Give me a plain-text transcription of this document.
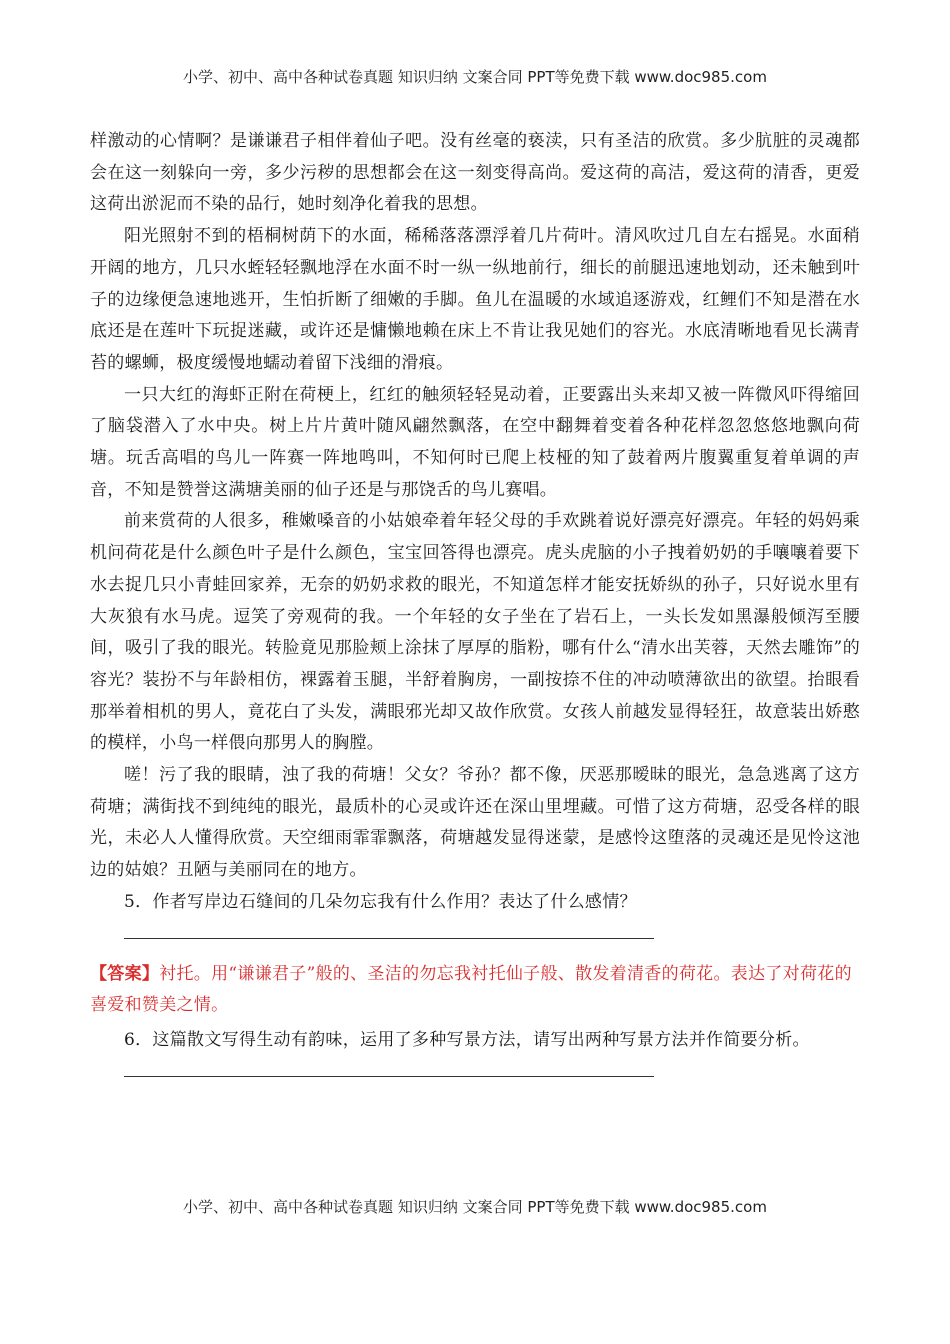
小学、初中、高中各种试卷真题 知识归纳 文案合同 PPT等免费下载 www.doc985.com

样激动的心情啊？是谦谦君子相伴着仙子吧。没有丝毫的亵渎，只有圣洁的欣赏。多少肮脏的灵魂都会在这一刻躲向一旁，多少污秽的思想都会在这一刻变得高尚。爱这荷的高洁，爱这荷的清香，更爱这荷出淤泥而不染的品行，她时刻净化着我的思想。

阳光照射不到的梧桐树荫下的水面，稀稀落落漂浮着几片荷叶。清风吹过几自左右摇晃。水面稍开阔的地方，几只水蛭轻轻飘地浮在水面不时一纵一纵地前行，细长的前腿迅速地划动，还未触到叶子的边缘便急速地逃开，生怕折断了细嫩的手脚。鱼儿在温暖的水域追逐游戏，红鲤们不知是潜在水底还是在莲叶下玩捉迷藏，或许还是慵懒地赖在床上不肯让我见她们的容光。水底清晰地看见长满青苔的螺蛳，极度缓慢地蠕动着留下浅细的滑痕。

一只大红的海虾正附在荷梗上，红红的触须轻轻晃动着，正要露出头来却又被一阵微风吓得缩回了脑袋潜入了水中央。树上片片黄叶随风翩然飘落，在空中翻舞着变着各种花样忽忽悠悠地飘向荷塘。玩舌高唱的鸟儿一阵赛一阵地鸣叫，不知何时已爬上枝桠的知了鼓着两片腹翼重复着单调的声音，不知是赞誉这满塘美丽的仙子还是与那饶舌的鸟儿赛唱。

前来赏荷的人很多，稚嫩嗓音的小姑娘牵着年轻父母的手欢跳着说好漂亮好漂亮。年轻的妈妈乘机问荷花是什么颜色叶子是什么颜色，宝宝回答得也漂亮。虎头虎脑的小子拽着奶奶的手嚷嚷着要下水去捉几只小青蛙回家养，无奈的奶奶求救的眼光，不知道怎样才能安抚娇纵的孙子，只好说水里有大灰狼有水马虎。逗笑了旁观荷的我。一个年轻的女子坐在了岩石上，一头长发如黑瀑般倾泻至腰间，吸引了我的眼光。转脸竟见那脸颊上涂抹了厚厚的脂粉，哪有什么“清水出芙蓉，天然去雕饰”的容光？装扮不与年龄相仿，裸露着玉腿，半舒着胸房，一副按捺不住的冲动喷薄欲出的欲望。抬眼看那举着相机的男人，竟花白了头发，满眼邪光却又故作欣赏。女孩人前越发显得轻狂，故意装出娇憨的模样，小鸟一样偎向那男人的胸膛。

嗟！污了我的眼睛，浊了我的荷塘！父女？爷孙？都不像，厌恶那暧昧的眼光，急急逃离了这方荷塘；满街找不到纯纯的眼光，最质朴的心灵或许还在深山里埋藏。可惜了这方荷塘，忍受各样的眼光，未必人人懂得欣赏。天空细雨霏霏飘落，荷塘越发显得迷蒙，是感怜这堕落的灵魂还是见怜这池边的姑娘？丑陋与美丽同在的地方。

5．作者写岸边石缝间的几朵勿忘我有什么作用？表达了什么感情？

【答案】衬托。用“谦谦君子”般的、圣洁的勿忘我衬托仙子般、散发着清香的荷花。表达了对荷花的喜爱和赞美之情。

6．这篇散文写得生动有韵味，运用了多种写景方法，请写出两种写景方法并作简要分析。

小学、初中、高中各种试卷真题 知识归纳 文案合同 PPT等免费下载 www.doc985.com
